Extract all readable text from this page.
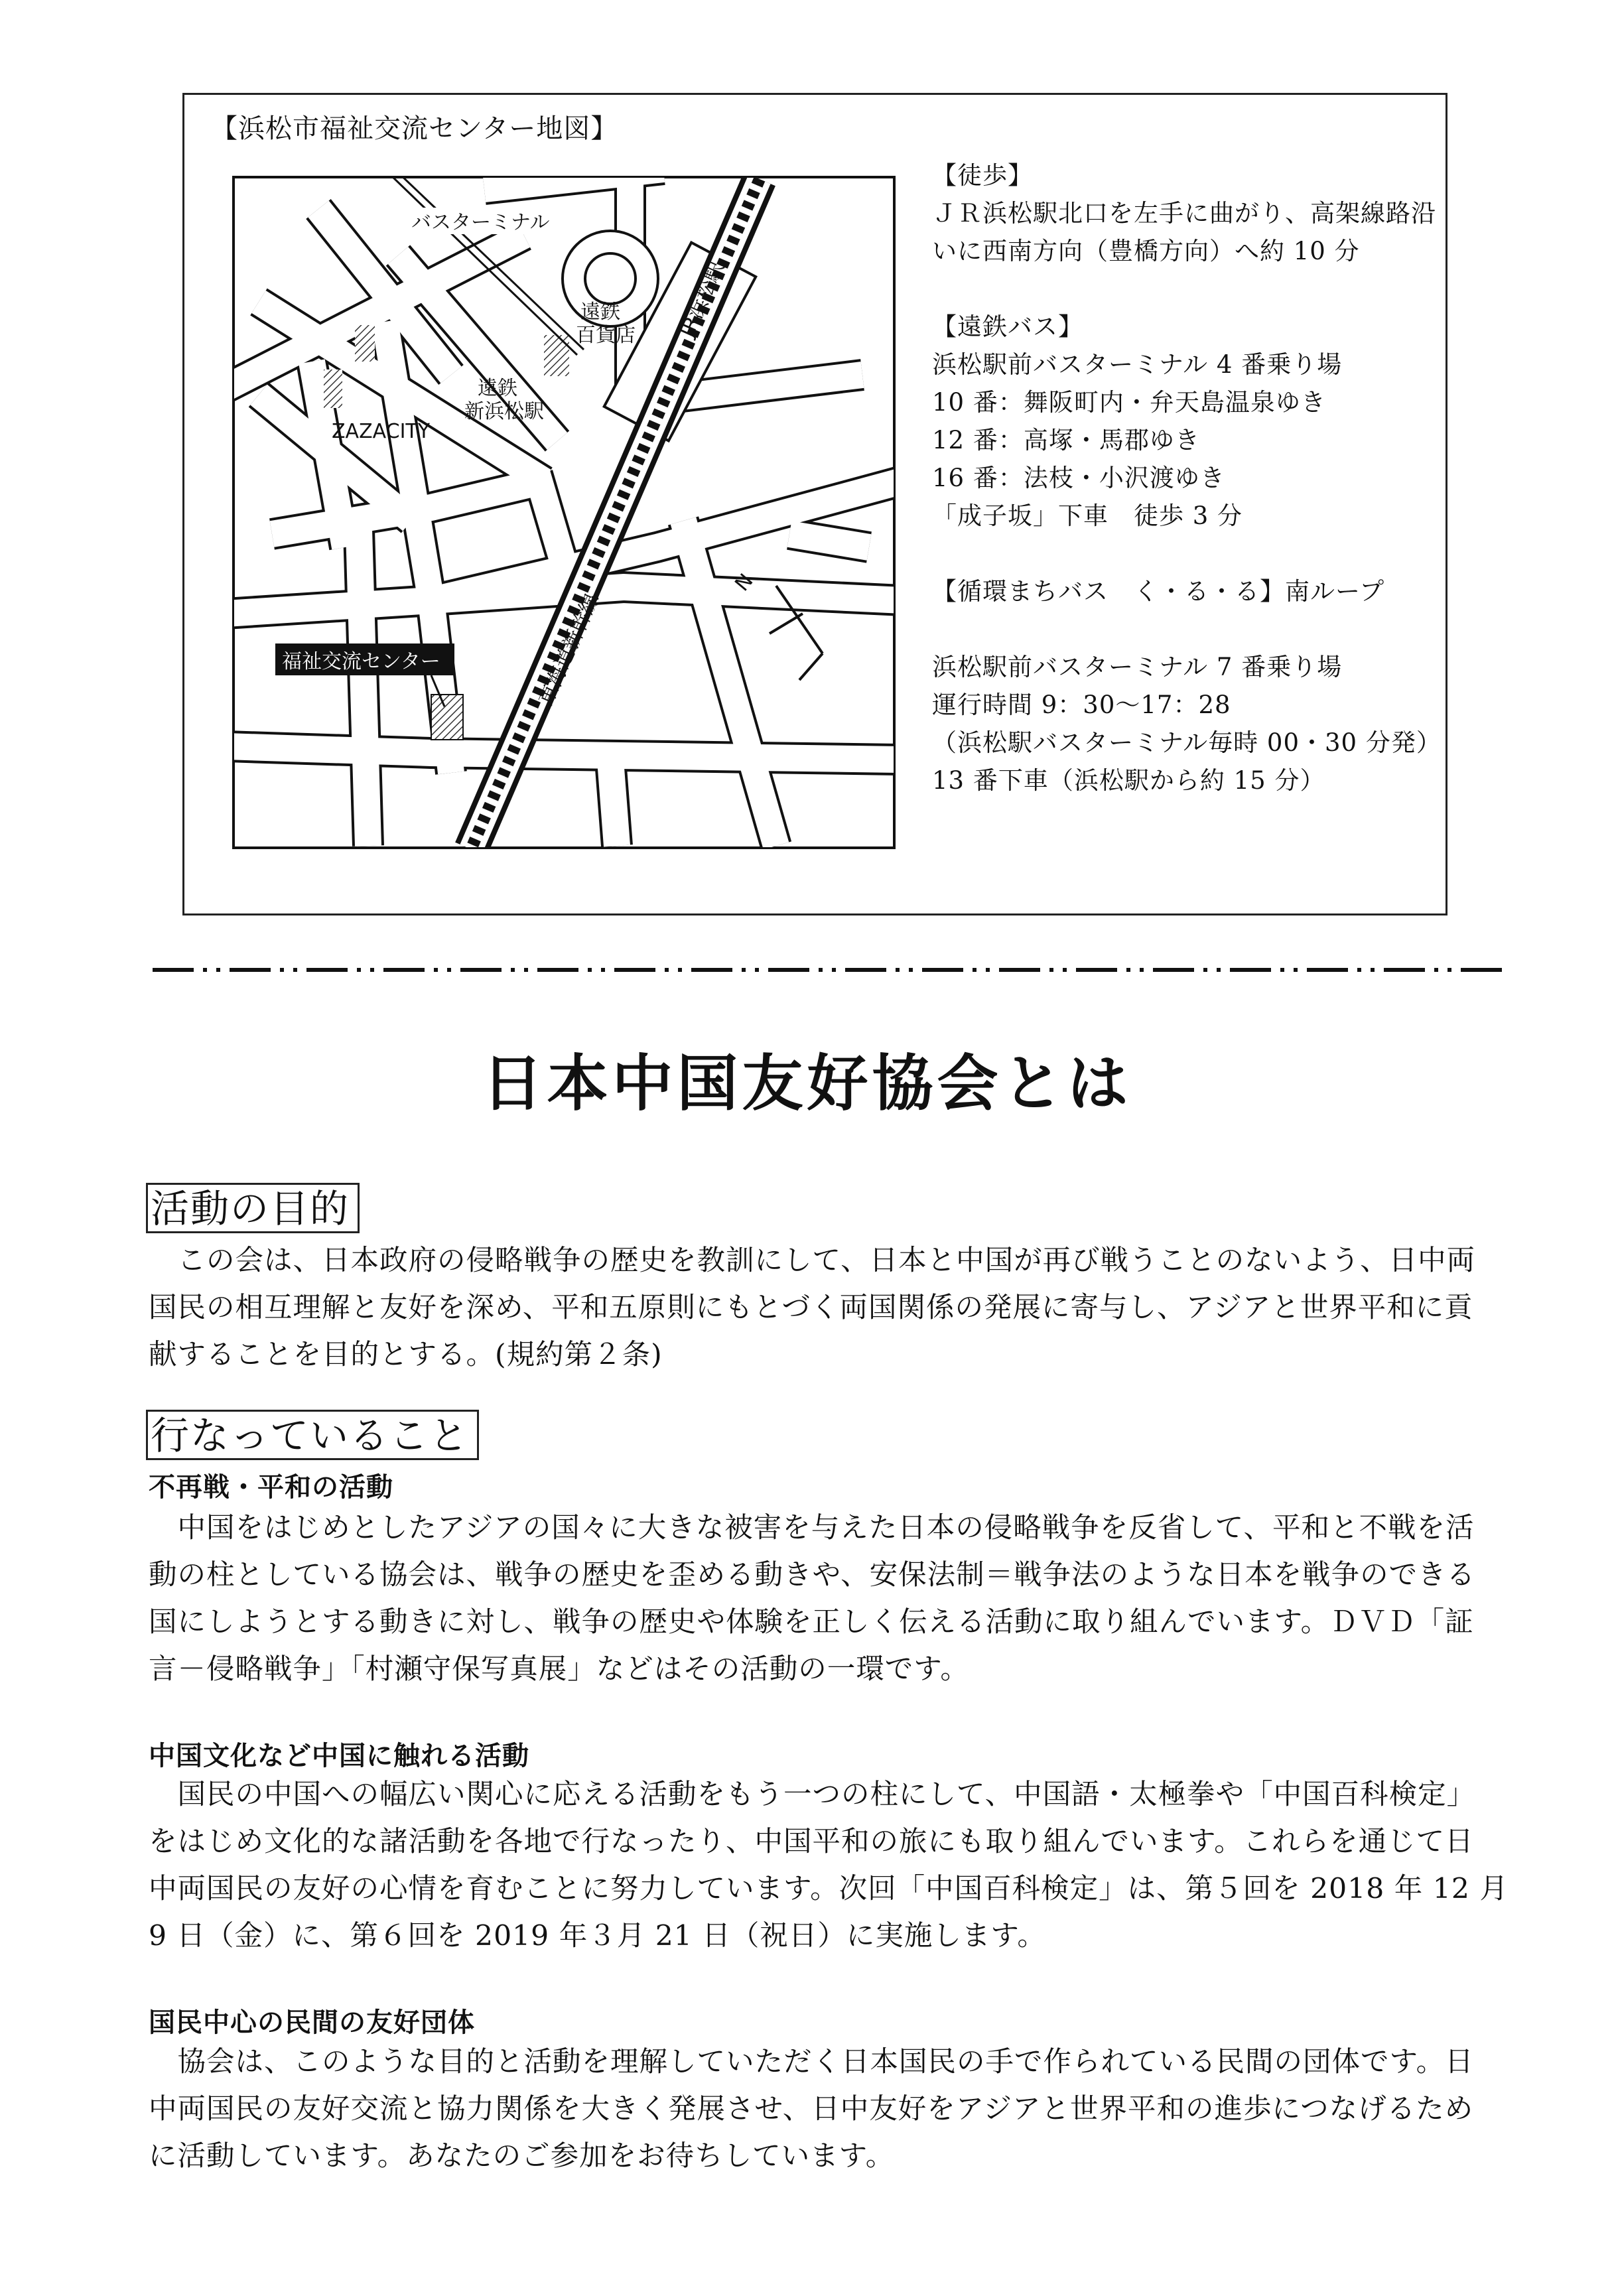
【浜松市福祉交流センター地図】
バスターミナル
遠鉄
百貨店
遠鉄
新浜松駅
ZAZACITY
JR浜松駅
東海道新幹線
福祉交流センター
N
【徒歩】
ＪＲ浜松駅北口を左手に曲がり、高架線路沿
いに西南方向（豊橋方向）へ約 10 分
【遠鉄バス】
浜松駅前バスターミナル 4 番乗り場
10 番：舞阪町内・弁天島温泉ゆき
12 番：高塚・馬郡ゆき
16 番：法枝・小沢渡ゆき
「成子坂」下車　徒歩 3 分
【循環まちバス　く・る・る】南ループ
浜松駅前バスターミナル 7 番乗り場
運行時間 9：30～17：28
（浜松駅バスターミナル毎時 00・30 分発）
13 番下車（浜松駅から約 15 分）
日本中国友好協会とは
活動の目的
　この会は、日本政府の侵略戦争の歴史を教訓にして、日本と中国が再び戦うことのないよう、日中両
国民の相互理解と友好を深め、平和五原則にもとづく両国関係の発展に寄与し、アジアと世界平和に貢
献することを目的とする。(規約第２条)
行なっていること
不再戦・平和の活動
　中国をはじめとしたアジアの国々に大きな被害を与えた日本の侵略戦争を反省して、平和と不戦を活
動の柱としている協会は、戦争の歴史を歪める動きや、安保法制＝戦争法のような日本を戦争のできる
国にしようとする動きに対し、戦争の歴史や体験を正しく伝える活動に取り組んでいます。ＤＶＤ「証
言－侵略戦争」「村瀬守保写真展」などはその活動の一環です。
中国文化など中国に触れる活動
　国民の中国への幅広い関心に応える活動をもう一つの柱にして、中国語・太極拳や「中国百科検定」
をはじめ文化的な諸活動を各地で行なったり、中国平和の旅にも取り組んでいます。これらを通じて日
中両国民の友好の心情を育むことに努力しています。次回「中国百科検定」は、第５回を 2018 年 12 月
9 日（金）に、第６回を 2019 年３月 21 日（祝日）に実施します。
国民中心の民間の友好団体
　協会は、このような目的と活動を理解していただく日本国民の手で作られている民間の団体です。日
中両国民の友好交流と協力関係を大きく発展させ、日中友好をアジアと世界平和の進歩につなげるため
に活動しています。あなたのご参加をお待ちしています。
